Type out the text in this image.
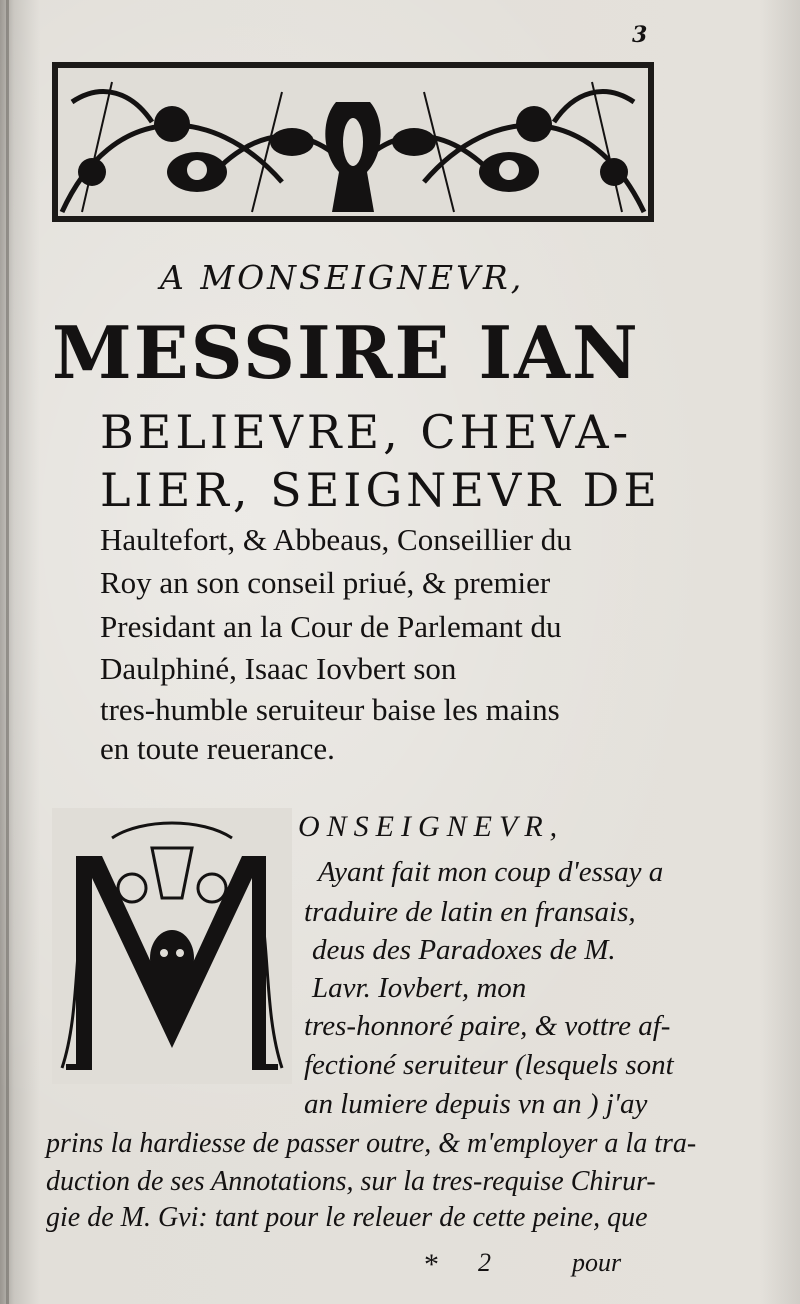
3
A MONSEIGNEVR,
MESSIRE IAN
BELIEVRE, CHEVA-
LIER, SEIGNEVR DE
Haultefort, & Abbeaus, Conseillier du
Roy an son conseil priué, & premier
Presidant an la Cour de Parlemant du
Daulphiné, Isaac Iovbert son
tres-humble seruiteur baise les mains
en toute reuerance.
ONSEIGNEVR,
Ayant fait mon coup d'essay a
traduire de latin en fransais,
deus des Paradoxes de M.
Lavr. Iovbert, mon
tres-honnoré paire, & vottre af-
fectioné seruiteur (lesquels sont
an lumiere depuis vn an ) j'ay
prins la hardiesse de passer outre, & m'employer a la tra-
duction de ses Annotations, sur la tres-requise Chirur-
gie de M. Gvi: tant pour le releuer de cette peine, que
* 2	pour
